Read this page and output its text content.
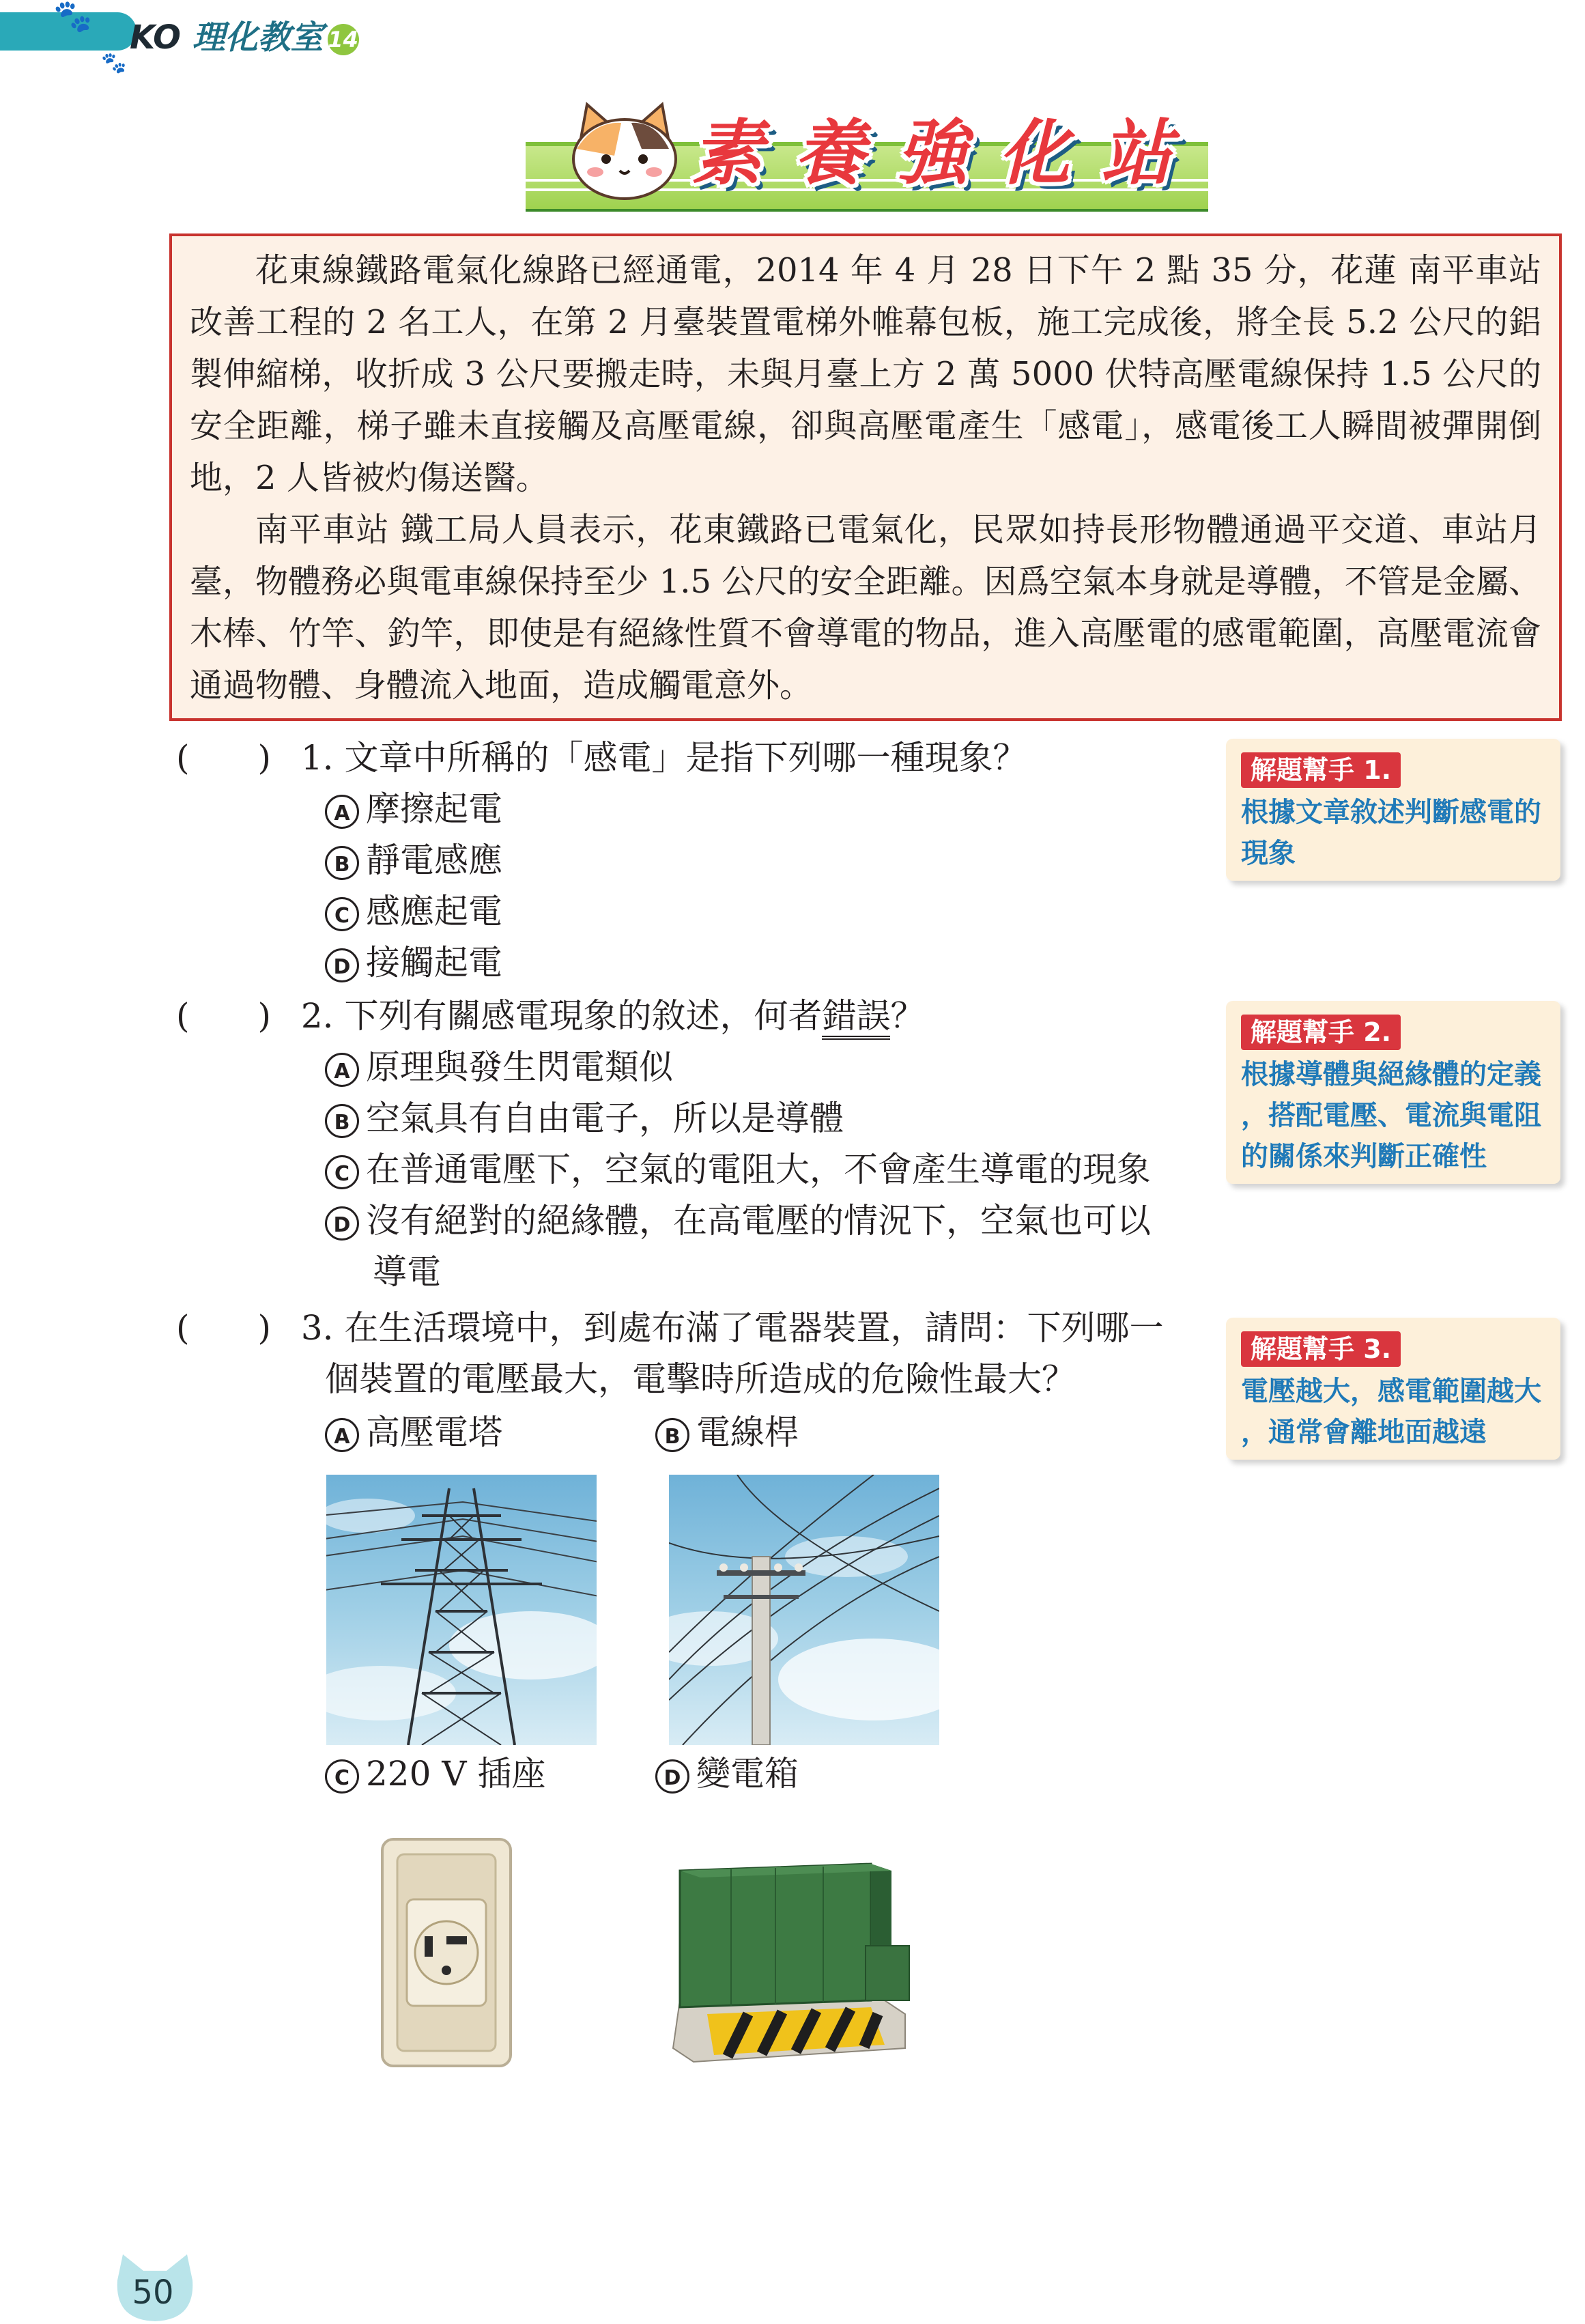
🐾
🐾
KO 理化教室 14
素 養 強 化 站

花東線鐵路電氣化線路已經通電，2014 年 4 月 28 日下午 2 點 35 分，花蓮 南平車站改善工程的 2 名工人，在第 2 月臺裝置電梯外帷幕包板，施工完成後，將全長 5.2 公尺的鋁製伸縮梯，收折成 3 公尺要搬走時，未與月臺上方 2 萬 5000 伏特高壓電線保持 1.5 公尺的安全距離，梯子雖未直接觸及高壓電線，卻與高壓電產生「感電」，感電後工人瞬間被彈開倒地，2 人皆被灼傷送醫。

南平車站 鐵工局人員表示，花東鐵路已電氣化，民眾如持長形物體通過平交道、車站月臺，物體務必與電車線保持至少 1.5 公尺的安全距離。因爲空氣本身就是導體，不管是金屬、木棒、竹竿、釣竿，即使是有絕緣性質不會導電的物品，進入高壓電的感電範圍，高壓電流會通過物體、身體流入地面，造成觸電意外。

(　　) 1. 文章中所稱的「感電」是指下列哪一種現象？
A 摩擦起電
B 靜電感應
C 感應起電
D 接觸起電
(　　) 2. 下列有關感電現象的敘述，何者錯誤？
A 原理與發生閃電類似
B 空氣具有自由電子，所以是導體
C 在普通電壓下，空氣的電阻大，不會產生導電的現象
D 沒有絕對的絕緣體，在高電壓的情況下，空氣也可以
導電
(　　) 3. 在生活環境中，到處布滿了電器裝置，請問：下列哪一
個裝置的電壓最大，電擊時所造成的危險性最大？
A 高壓電塔	B 電線桿
C 220 V 插座	D 變電箱
解題幫手 1.
根據文章敘述判斷感電的
現象
解題幫手 2.
根據導體與絕緣體的定義
，搭配電壓、電流與電阻
的關係來判斷正確性
解題幫手 3.
電壓越大，感電範圍越大
，通常會離地面越遠
50
